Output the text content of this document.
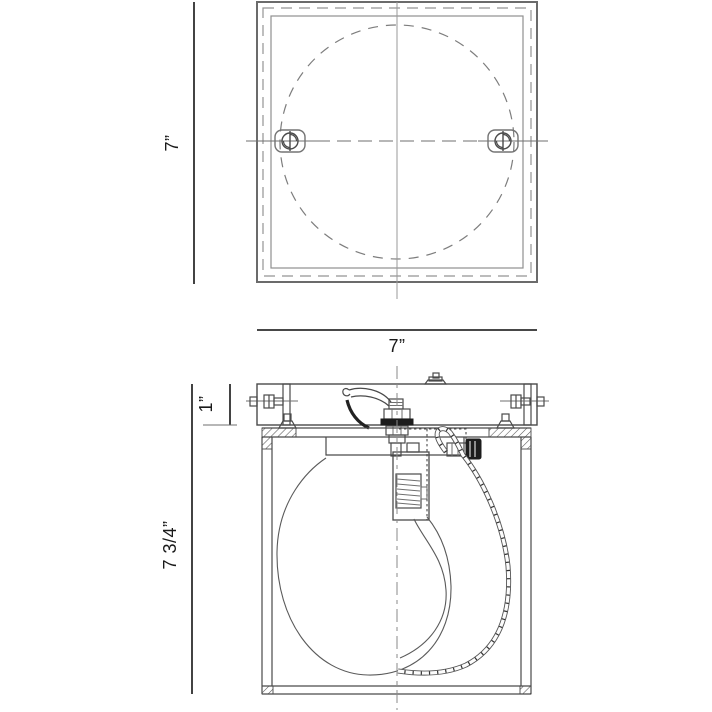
7”
7”
7 3/4”
1”
